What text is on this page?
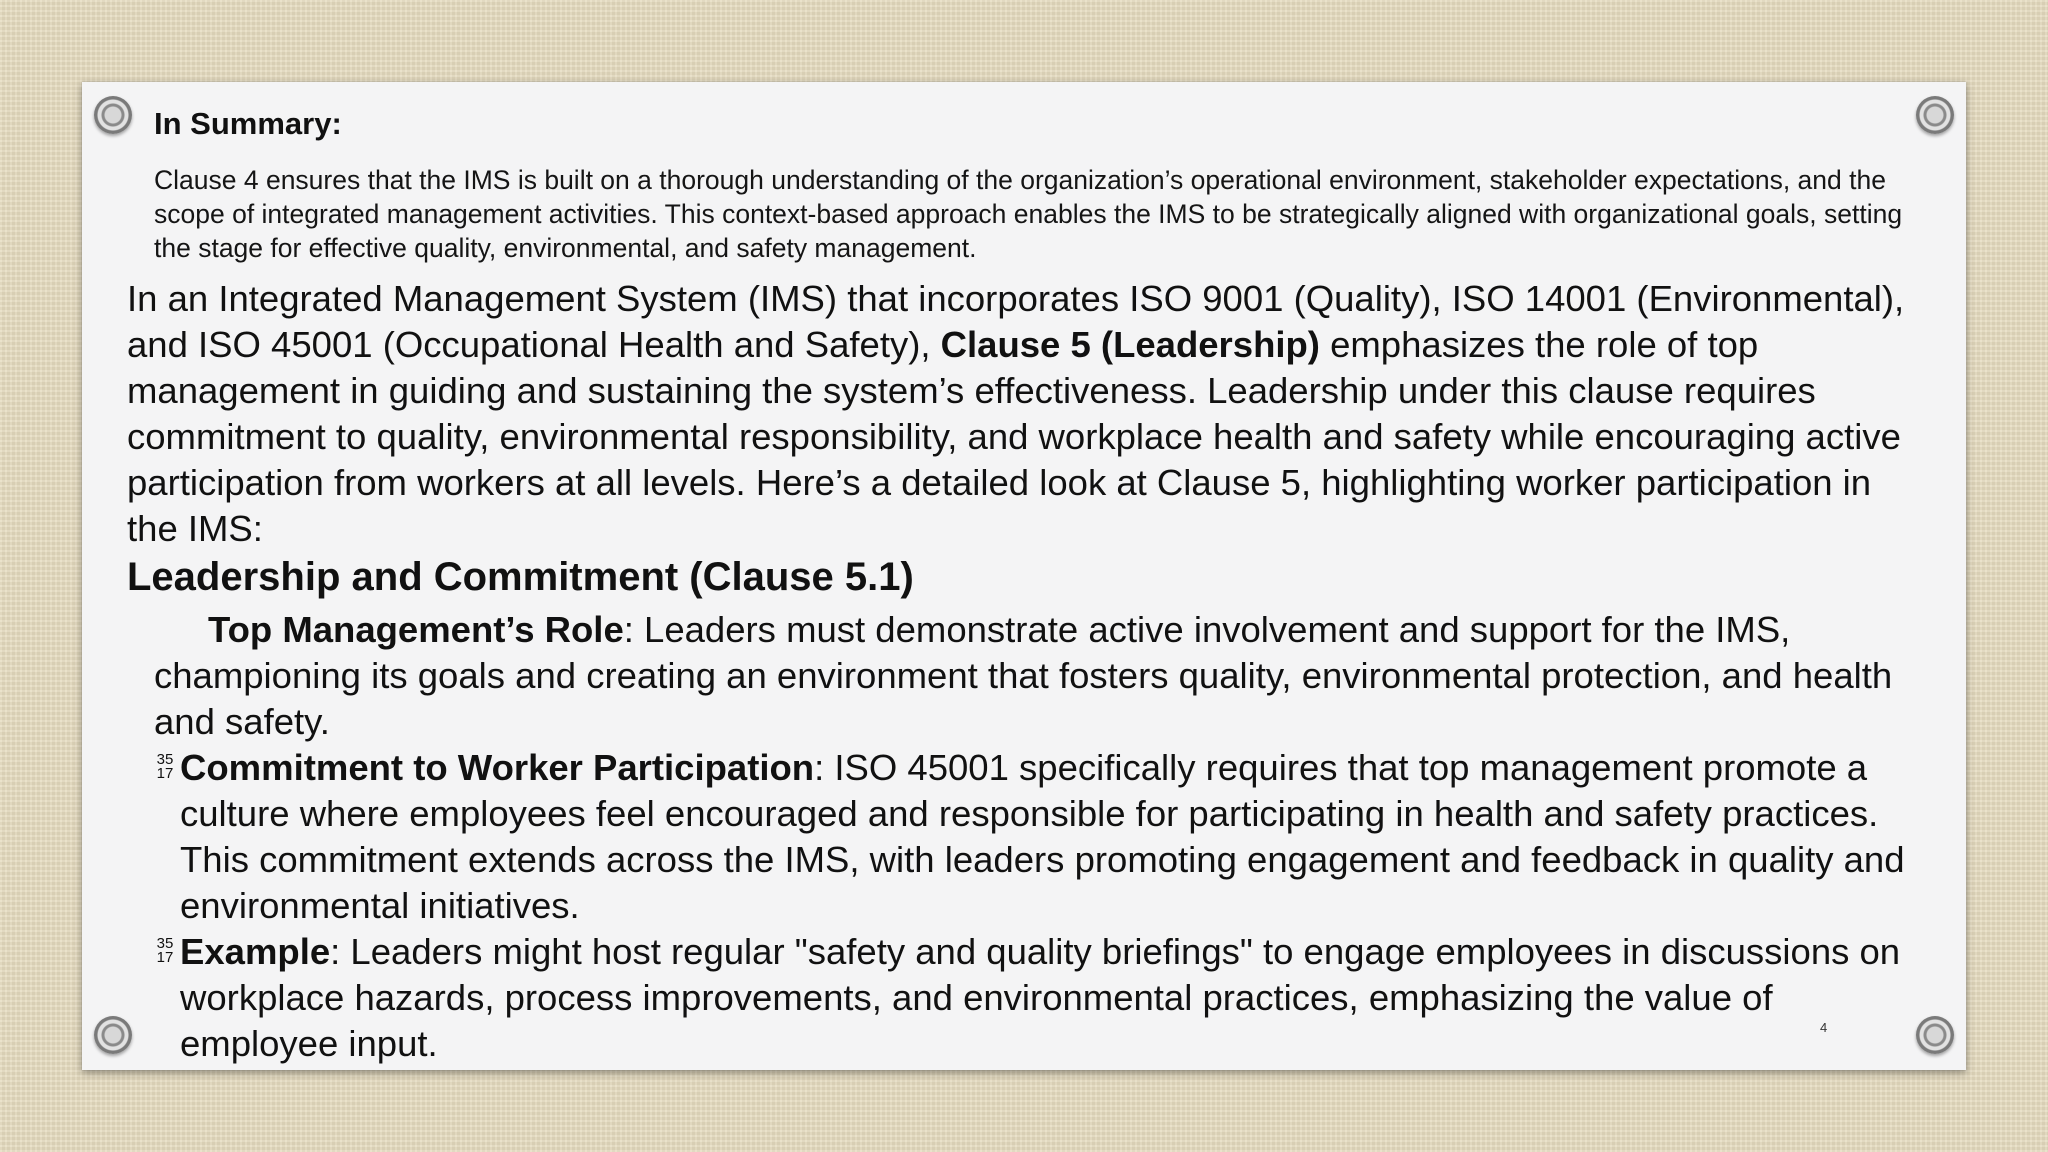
In Summary:

Clause 4 ensures that the IMS is built on a thorough understanding of the organization’s operational environment, stakeholder expectations, and the scope of integrated management activities. This context-based approach enables the IMS to be strategically aligned with organizational goals, setting the stage for effective quality, environmental, and safety management.

In an Integrated Management System (IMS) that incorporates ISO 9001 (Quality), ISO 14001 (Environmental), and ISO 45001 (Occupational Health and Safety), Clause 5 (Leadership) emphasizes the role of top management in guiding and sustaining the system’s effectiveness. Leadership under this clause requires commitment to quality, environmental responsibility, and workplace health and safety while encouraging active participation from workers at all levels. Here’s a detailed look at Clause 5, highlighting worker participation in the IMS:

Leadership and Commitment (Clause 5.1)

Top Management’s Role: Leaders must demonstrate active involvement and support for the IMS, championing its goals and creating an environment that fosters quality, environmental protection, and health and safety.

35
17 Commitment to Worker Participation: ISO 45001 specifically requires that top management promote a culture where employees feel encouraged and responsible for participating in health and safety practices. This commitment extends across the IMS, with leaders promoting engagement and feedback in quality and environmental initiatives.

35
17 Example: Leaders might host regular "safety and quality briefings" to engage employees in discussions on workplace hazards, process improvements, and environmental practices, emphasizing the value of employee input.	4
